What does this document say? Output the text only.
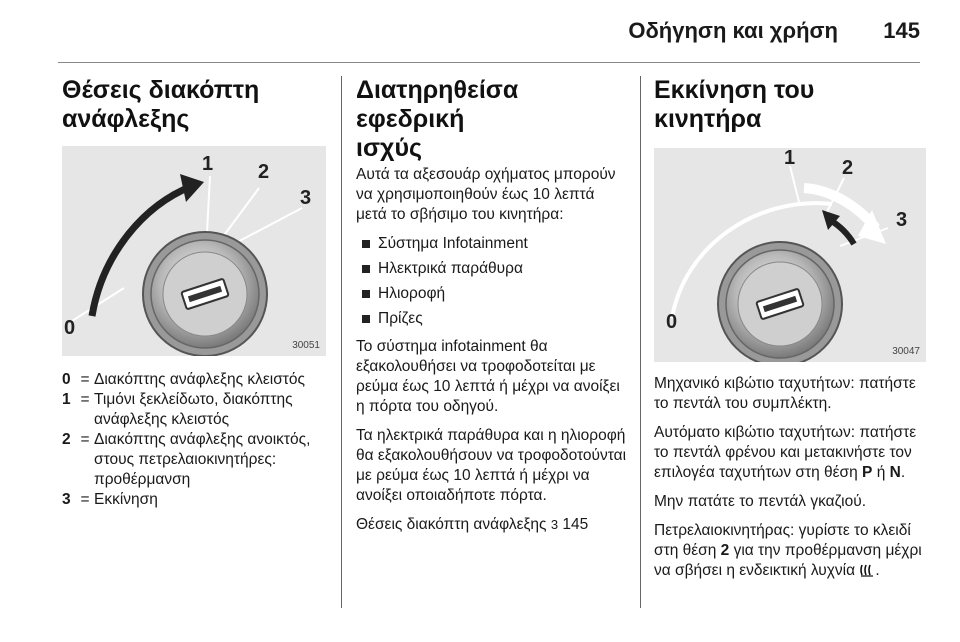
Οδήγηση και χρήση 145
Θέσεις διακόπτη
ανάφλεξης
0
1 2
3
30051
0 = Διακόπτης ανάφλεξης κλειστός
1 = Τιμόνι ξεκλείδωτο, διακόπτης ανάφλεξης κλειστός
2 = Διακόπτης ανάφλεξης ανοικτός, στους πετρελαιοκινητήρες: προθέρμανση
3 = Εκκίνηση
Διατηρηθείσα εφεδρική
ισχύς

Αυτά τα αξεσουάρ οχήματος μπορούν να χρησιμοποιηθούν έως 10 λεπτά μετά το σβήσιμο του κινητήρα:

Σύστημα Infotainment
Ηλεκτρικά παράθυρα
Ηλιοροφή
Πρίζες

Το σύστημα infotainment θα εξακολουθήσει να τροφοδοτείται με ρεύμα έως 10 λεπτά ή μέχρι να ανοίξει η πόρτα του οδηγού.

Τα ηλεκτρικά παράθυρα και η ηλιοροφή θα εξακολουθήσουν να τροφοδοτούνται με ρεύμα έως 10 λεπτά ή μέχρι να ανοίξει οποιαδήποτε πόρτα.

Θέσεις διακόπτη ανάφλεξης 3 145

Εκκίνηση του κινητήρα
0
1 2
3
30047

Μηχανικό κιβώτιο ταχυτήτων: πατήστε το πεντάλ του συμπλέκτη.

Αυτόματο κιβώτιο ταχυτήτων: πατήστε το πεντάλ φρένου και μετακινήστε τον επιλογέα ταχυτήτων στη θέση P ή N.

Μην πατάτε το πεντάλ γκαζιού.

Πετρελαιοκινητήρας: γυρίστε το κλειδί στη θέση 2 για την προθέρμανση μέχρι να σβήσει η ενδεικτική λυχνία .
